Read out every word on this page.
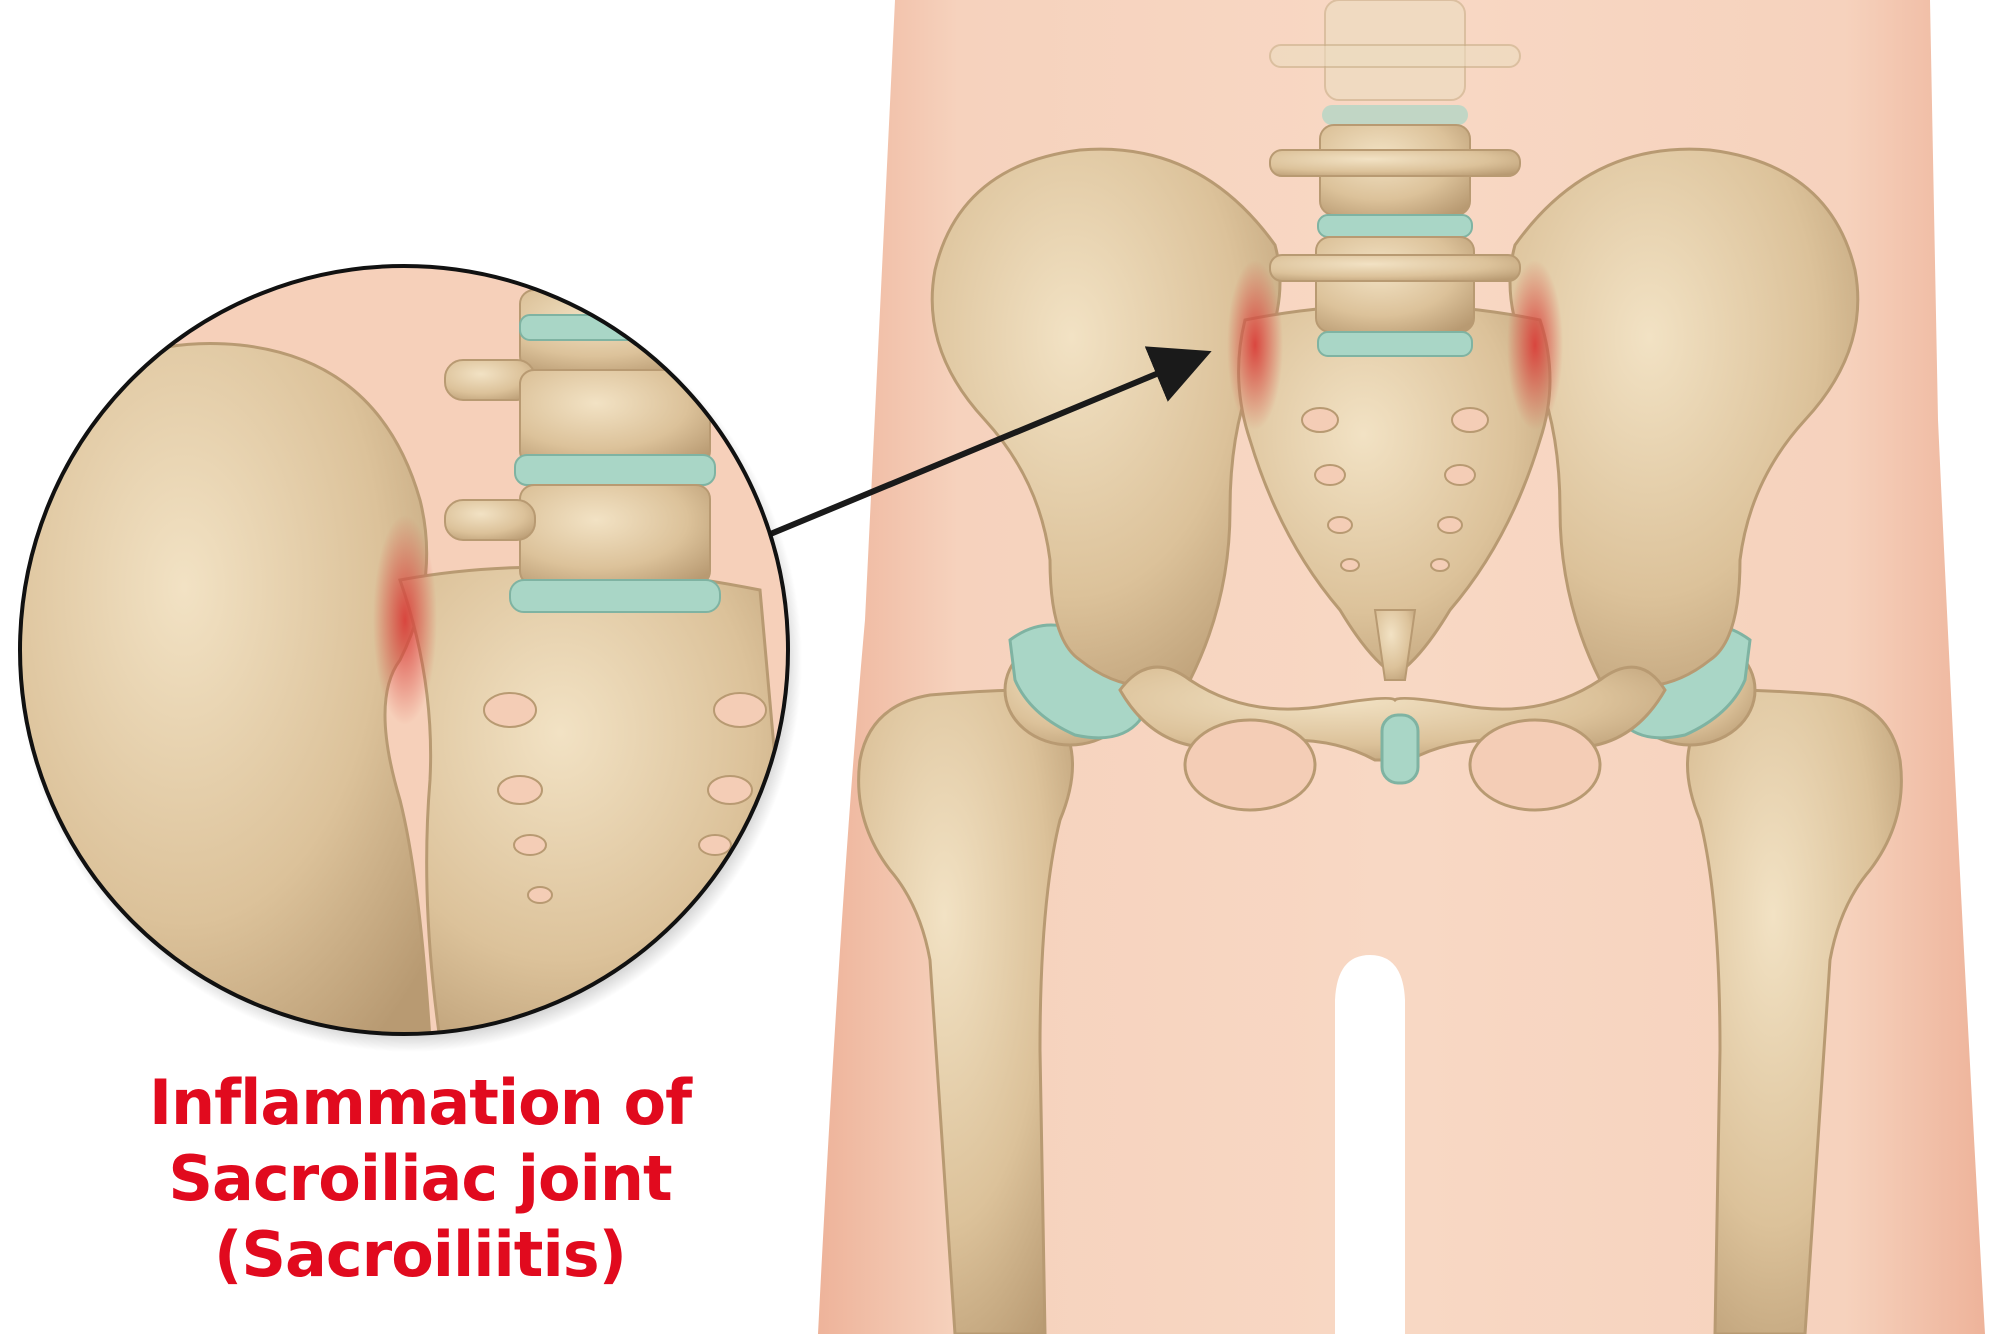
Inflammation of
Sacroiliac joint
(Sacroiliitis)
